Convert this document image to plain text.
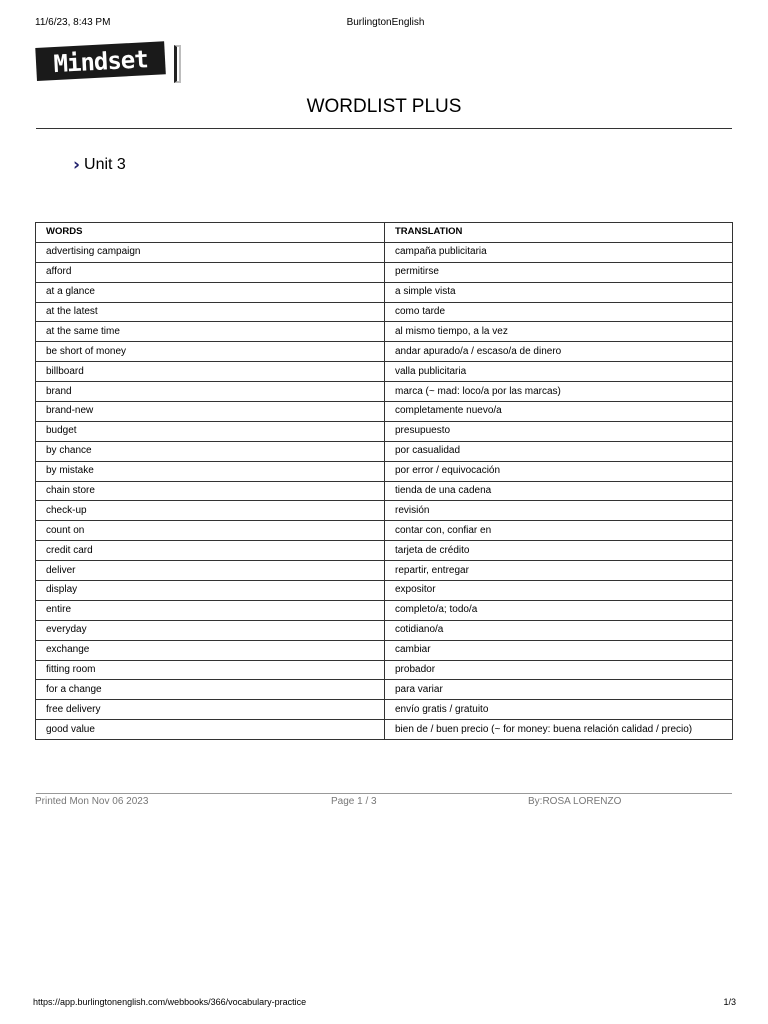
11/6/23, 8:43 PM	BurlingtonEnglish
Mindset
WORDLIST PLUS
› Unit 3
WORDS	TRANSLATION
advertising campaign	campaña publicitaria
afford	permitirse
at a glance	a simple vista
at the latest	como tarde
at the same time	al mismo tiempo, a la vez
be short of money	andar apurado/a / escaso/a de dinero
billboard	valla publicitaria
brand	marca (~ mad: loco/a por las marcas)
brand-new	completamente nuevo/a
budget	presupuesto
by chance	por casualidad
by mistake	por error / equivocación
chain store	tienda de una cadena
check-up	revisión
count on	contar con, confiar en
credit card	tarjeta de crédito
deliver	repartir, entregar
display	expositor
entire	completo/a; todo/a
everyday	cotidiano/a
exchange	cambiar
fitting room	probador
for a change	para variar
free delivery	envío gratis / gratuito
good value	bien de / buen precio (~ for money: buena relación calidad / precio)
Printed Mon Nov 06 2023	Page 1 / 3	By:ROSA LORENZO
https://app.burlingtonenglish.com/webbooks/366/vocabulary-practice	1/3
